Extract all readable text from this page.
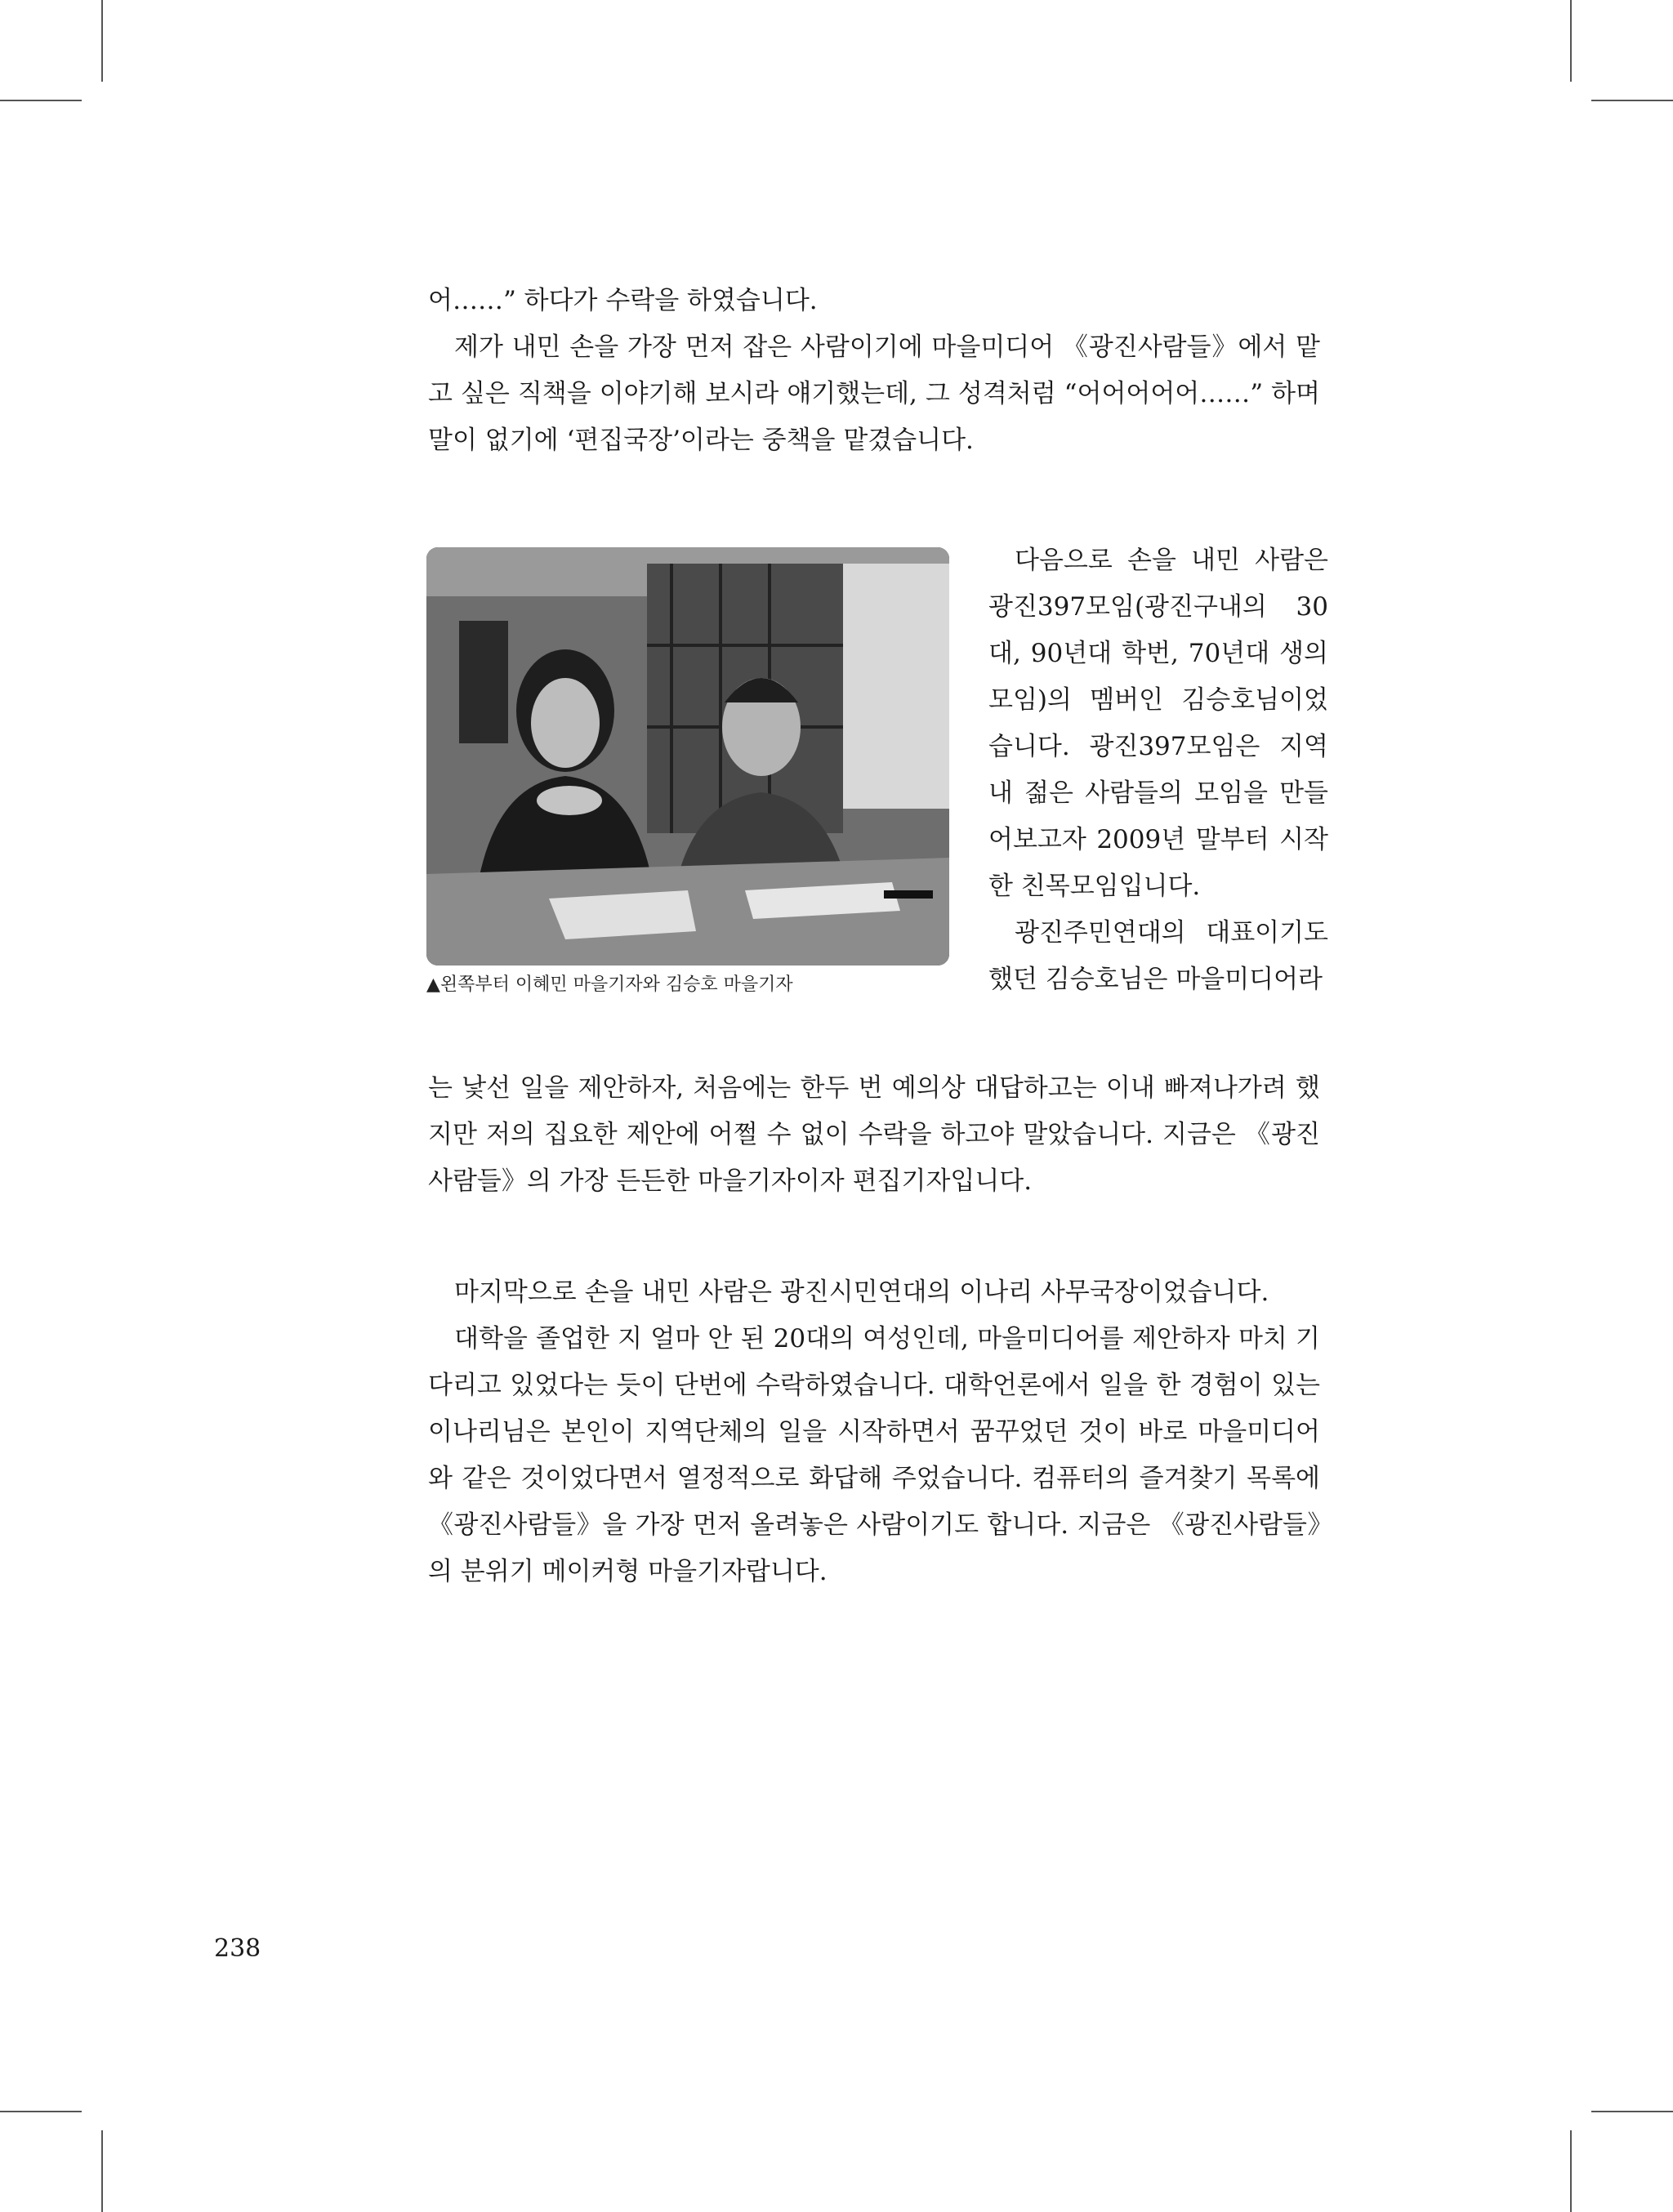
어……” 하다가 수락을 하였습니다.

제가 내민 손을 가장 먼저 잡은 사람이기에 마을미디어 《광진사람들》에서 맡고 싶은 직책을 이야기해 보시라 얘기했는데, 그 성격처럼 “어어어어어……” 하며 말이 없기에 ‘편집국장’이라는 중책을 맡겼습니다.

▲왼쪽부터 이혜민 마을기자와 김승호 마을기자

다음으로 손을 내민 사람은 광진397모임(광진구내의 30대, 90년대 학번, 70년대 생의 모임)의 멤버인 김승호님이었습니다. 광진397모임은 지역 내 젊은 사람들의 모임을 만들어보고자 2009년 말부터 시작한 친목모임입니다.

광진주민연대의 대표이기도 했던 김승호님은 마을미디어라

는 낯선 일을 제안하자, 처음에는 한두 번 예의상 대답하고는 이내 빠져나가려 했지만 저의 집요한 제안에 어쩔 수 없이 수락을 하고야 말았습니다. 지금은 《광진사람들》의 가장 든든한 마을기자이자 편집기자입니다.

마지막으로 손을 내민 사람은 광진시민연대의 이나리 사무국장이었습니다.

대학을 졸업한 지 얼마 안 된 20대의 여성인데, 마을미디어를 제안하자 마치 기다리고 있었다는 듯이 단번에 수락하였습니다. 대학언론에서 일을 한 경험이 있는 이나리님은 본인이 지역단체의 일을 시작하면서 꿈꾸었던 것이 바로 마을미디어와 같은 것이었다면서 열정적으로 화답해 주었습니다. 컴퓨터의 즐겨찾기 목록에 《광진사람들》을 가장 먼저 올려놓은 사람이기도 합니다. 지금은 《광진사람들》의 분위기 메이커형 마을기자랍니다.

238
